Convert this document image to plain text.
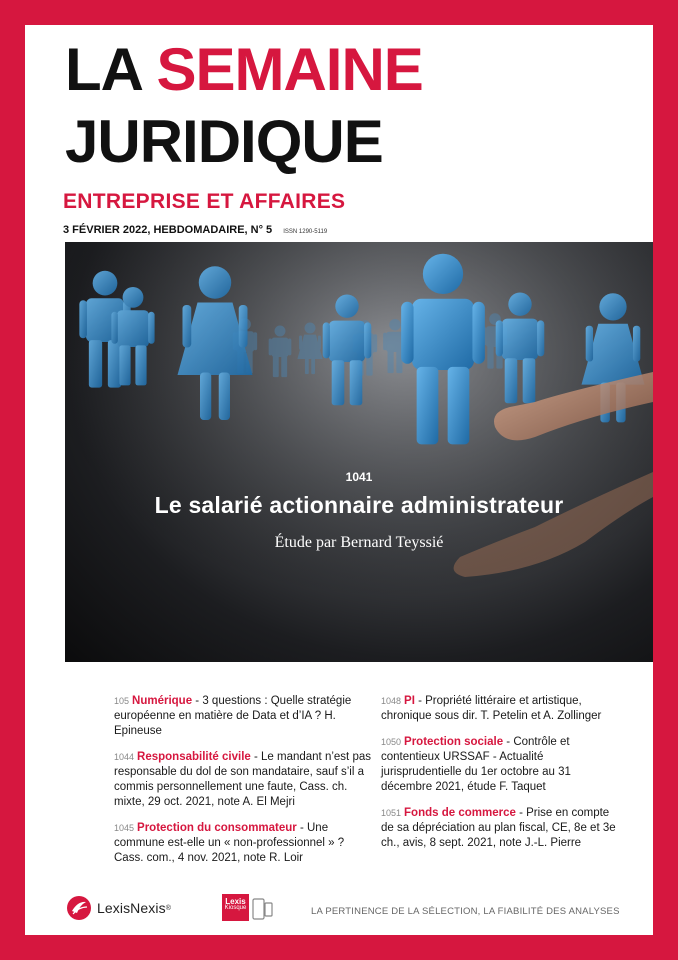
LA SEMAINE
JURIDIQUE
ENTREPRISE ET AFFAIRES
3 FÉVRIER 2022, HEBDOMADAIRE, N° 5 ISSN 1290-5119
1041
Le salarié actionnaire administrateur
Étude par Bernard Teyssié
105 Numérique - 3 questions : Quelle stratégie européenne en matière de Data et d’IA ? H. Epineuse
1044 Responsabilité civile - Le mandant n’est pas responsable du dol de son mandataire, sauf s’il a commis personnellement une faute, Cass. ch. mixte, 29 oct. 2021, note A. El Mejri
1045 Protection du consommateur - Une commune est-elle un « non-professionnel » ? Cass. com., 4 nov. 2021, note R. Loir
1048 PI - Propriété littéraire et artistique, chronique sous dir. T. Petelin et A. Zollinger
1050 Protection sociale - Contrôle et contentieux URSSAF - Actualité jurisprudentielle du 1er octobre au 31 décembre 2021, étude F. Taquet
1051 Fonds de commerce - Prise en compte de sa dépréciation au plan fiscal, CE, 8e et 3e ch., avis, 8 sept. 2021, note J.-L. Pierre
LexisNexis ®
Lexis
Kiosque	LA PERTINENCE DE LA SÉLECTION, LA FIABILITÉ DES ANALYSES
